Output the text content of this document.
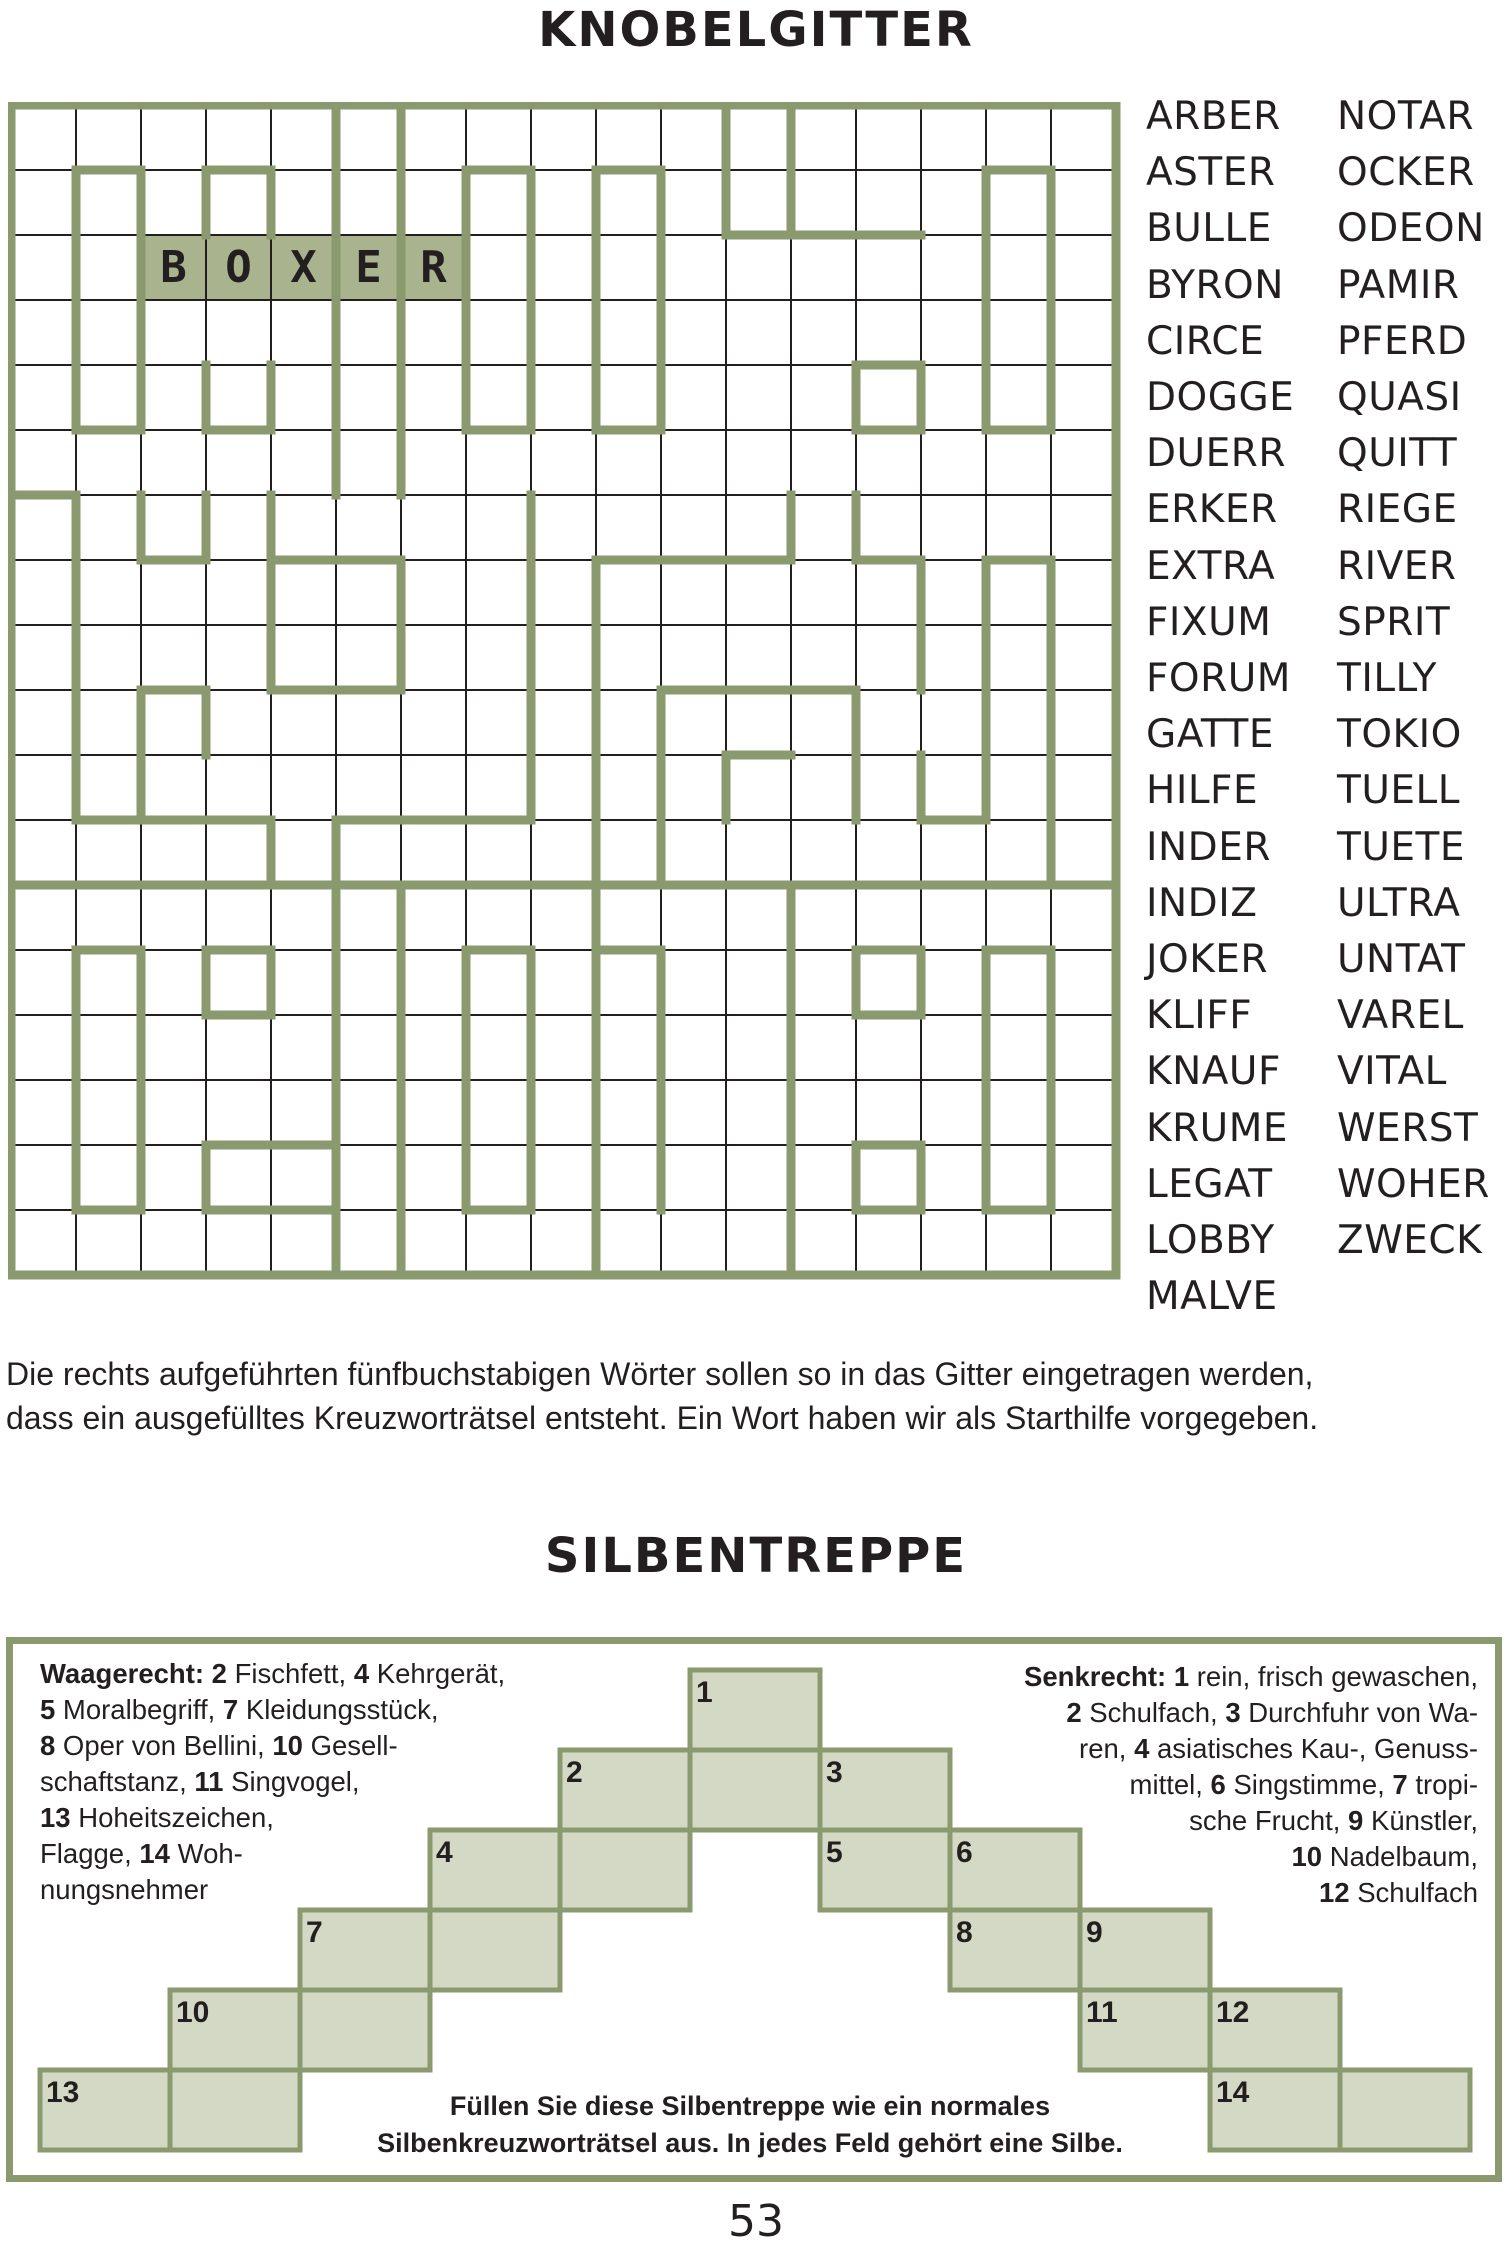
KNOBELGITTER
B O X E R
ARBER
ASTER
BULLE
BYRON
CIRCE
DOGGE
DUERR
ERKER
EXTRA
FIXUM
FORUM
GATTE
HILFE
INDER
INDIZ
JOKER
KLIFF
KNAUF
KRUME
LEGAT
LOBBY
MALVE
NOTAR
OCKER
ODEON
PAMIR
PFERD
QUASI
QUITT
RIEGE
RIVER
SPRIT
TILLY
TOKIO
TUELL
TUETE
ULTRA
UNTAT
VAREL
VITAL
WERST
WOHER
ZWECK
Die rechts aufgeführten fünfbuchstabigen Wörter sollen so in das Gitter eingetragen werden,
dass ein ausgefülltes Kreuzworträtsel entsteht. Ein Wort haben wir als Starthilfe vorgegeben.
SILBENTREPPE
1
2	3
4	5	6
7	8	9
10	11	12
13	14
Waagerecht: 2 Fischfett, 4 Kehrgerät,
5 Moralbegriff, 7 Kleidungsstück,
8 Oper von Bellini, 10 Gesell-
schaftstanz, 11 Singvogel,
13 Hoheitszeichen,
Flagge, 14 Woh-
nungsnehmer
Senkrecht: 1 rein, frisch gewaschen,
2 Schulfach, 3 Durchfuhr von Wa-
ren, 4 asiatisches Kau-, Genuss-
mittel, 6 Singstimme, 7 tropi-
sche Frucht, 9 Künstler,
10 Nadelbaum,
12 Schulfach
Füllen Sie diese Silbentreppe wie ein normales
Silbenkreuzworträtsel aus. In jedes Feld gehört eine Silbe.
53
